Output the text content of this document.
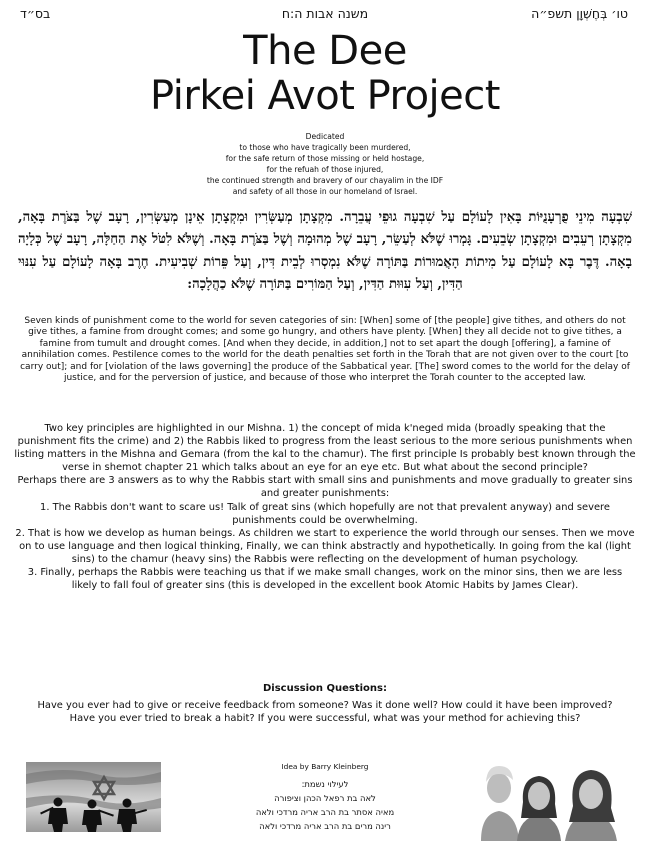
בס״ד	משנה אבות ה:ח	טו׳ בְּחֶשְׁוָן תשפ״ה
The Dee
Pirkei Avot Project
Dedicated
to those who have tragically been murdered,
for the safe return of those missing or held hostage,
for the refuah of those injured,
the continued strength and bravery of our chayalim in the IDF
and safety of all those in our homeland of Israel.
שִׁבְעָה מִינֵי פֻרְעָנֻיּוֹת בָּאִין לָעוֹלָם עַל שִׁבְעָה גוּפֵי עֲבֵרָה. מִקְצָתָן מְעַשְּׂרִין וּמִקְצָתָן אֵינָן מְעַשְּׂרִין, רָעָב שֶׁל בַּצֹּרֶת בָּאָה, מִקְצָתָן רְעֵבִים וּמִקְצָתָן שְׂבֵעִים. גָּמְרוּ שֶׁלֹּא לְעַשֵּׂר, רָעָב שֶׁל מְהוּמָה וְשֶׁל בַּצֹּרֶת בָּאָה. וְשֶׁלֹּא לִטֹּל אֶת הַחַלָּה, רָעָב שֶׁל כְּלָיָה בָאָה. דֶּבֶר בָּא לָעוֹלָם עַל מִיתוֹת הָאֲמוּרוֹת בַּתּוֹרָה שֶׁלֹּא נִמְסְרוּ לְבֵית דִּין, וְעַל פֵּרוֹת שְׁבִיעִית. חֶרֶב בָּאָה לָעוֹלָם עַל עִנּוּי הַדִּין, וְעַל עִוּוּת הַדִּין, וְעַל הַמּוֹרִים בַּתּוֹרָה שֶׁלֹּא כַהֲלָכָה:
Seven kinds of punishment come to the world for seven categories of sin: [When] some of [the people] give tithes, and others do not give tithes, a famine from drought comes; and some go hungry, and others have plenty. [When] they all decide not to give tithes, a famine from tumult and drought comes. [And when they decide, in addition,] not to set apart the dough [offering], a famine of annihilation comes. Pestilence comes to the world for the death penalties set forth in the Torah that are not given over to the court [to carry out]; and for [violation of the laws governing] the produce of the Sabbatical year. [The] sword comes to the world for the delay of justice, and for the perversion of justice, and because of those who interpret the Torah counter to the accepted law.

Two key principles are highlighted in our Mishna. 1) the concept of mida k'neged mida (broadly speaking that the punishment fits the crime) and 2) the Rabbis liked to progress from the least serious to the more serious punishments when listing matters in the Mishna and Gemara (from the kal to the chamur). The first principle Is probably best known through the verse in shemot chapter 21 which talks about an eye for an eye etc. But what about the second principle?

Perhaps there are 3 answers as to why the Rabbis start with small sins and punishments and move gradually to greater sins and greater punishments:

1. The Rabbis don't want to scare us! Talk of great sins (which hopefully are not that prevalent anyway) and severe punishments could be overwhelming.

2. That is how we develop as human beings. As children we start to experience the world through our senses. Then we move on to use language and then logical thinking, Finally, we can think abstractly and hypothetically. In going from the kal (light sins) to the chamur (heavy sins) the Rabbis were reflecting on the development of human psychology.

3. Finally, perhaps the Rabbis were teaching us that if we make small changes, work on the minor sins, then we are less likely to fall foul of greater sins (this is developed in the excellent book Atomic Habits by James Clear).

Discussion Questions:

Have you ever had to give or receive feedback from someone? Was it done well? How could it have been improved?

Have you ever tried to break a habit? If you were successful, what was your method for achieving this?

Idea by Barry Kleinberg
לעילוי נשמת:
לאה בת רפאל הכהן וציפורה
מאיה אסתר בת הרב אריה מרדכי ולאה
רינה מרים בת הרב אריה מרדכי ולאה
